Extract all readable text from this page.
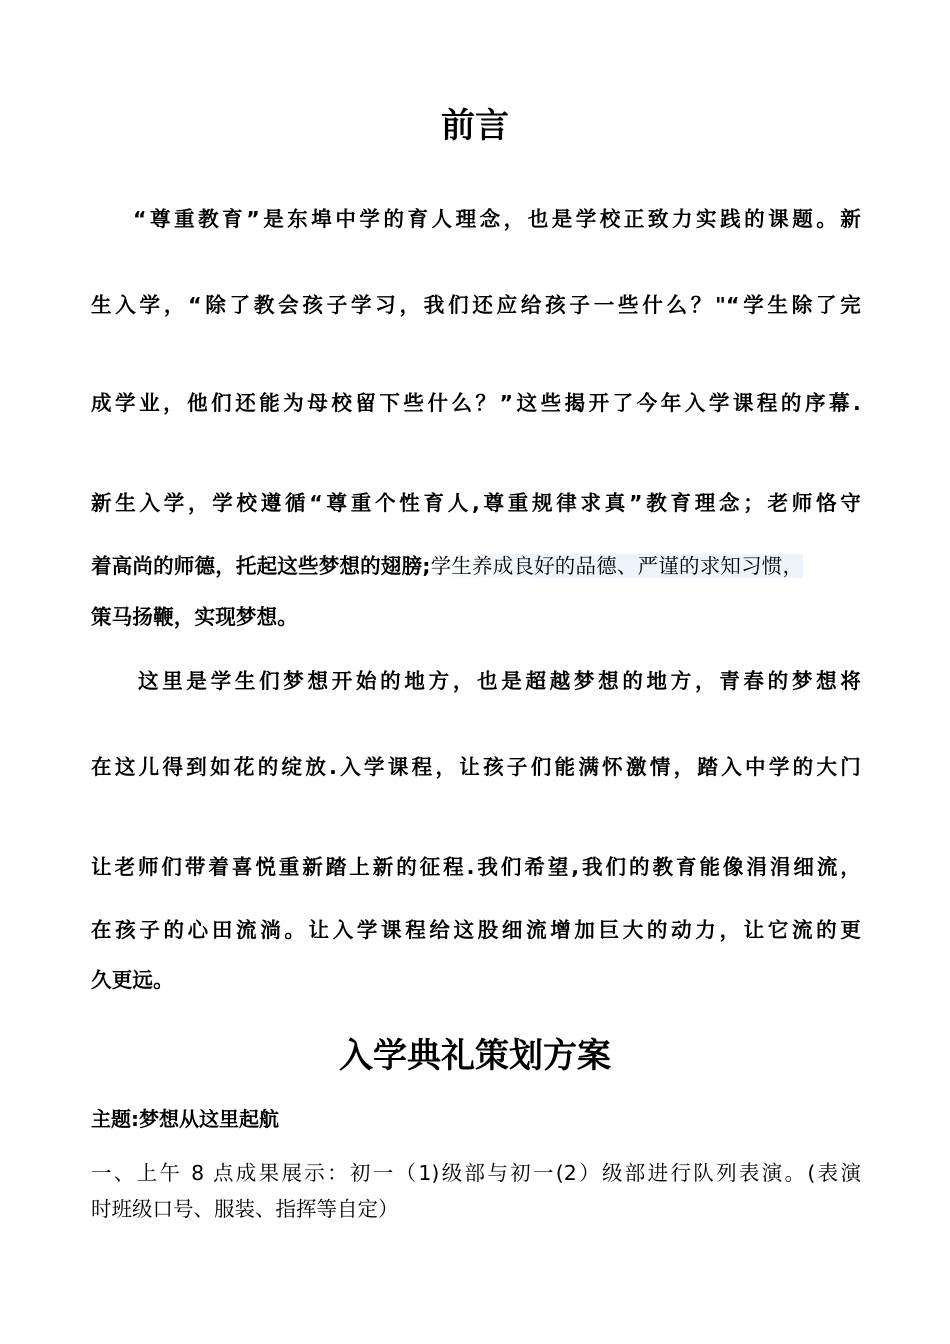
前言
“尊重教育”是东埠中学的育人理念，也是学校正致力实践的课题。新
生入学，“除了教会孩子学习，我们还应给孩子一些什么？"“学生除了完
成学业，他们还能为母校留下些什么？”这些揭开了今年入学课程的序幕.
新生入学，学校遵循“尊重个性育人,尊重规律求真”教育理念；老师恪守
着高尚的师德，托起这些梦想的翅膀;学生养成良好的品德、严谨的求知习惯，
策马扬鞭，实现梦想。
这里是学生们梦想开始的地方，也是超越梦想的地方，青春的梦想将
在这儿得到如花的绽放.入学课程，让孩子们能满怀激情，踏入中学的大门
让老师们带着喜悦重新踏上新的征程.我们希望,我们的教育能像涓涓细流，
在孩子的心田流淌。让入学课程给这股细流增加巨大的动力，让它流的更
久更远。
入学典礼策划方案
主题:梦想从这里起航
一、上午 8 点成果展示：初一（1)级部与初一(2）级部进行队列表演。(表演
时班级口号、服装、指挥等自定）
